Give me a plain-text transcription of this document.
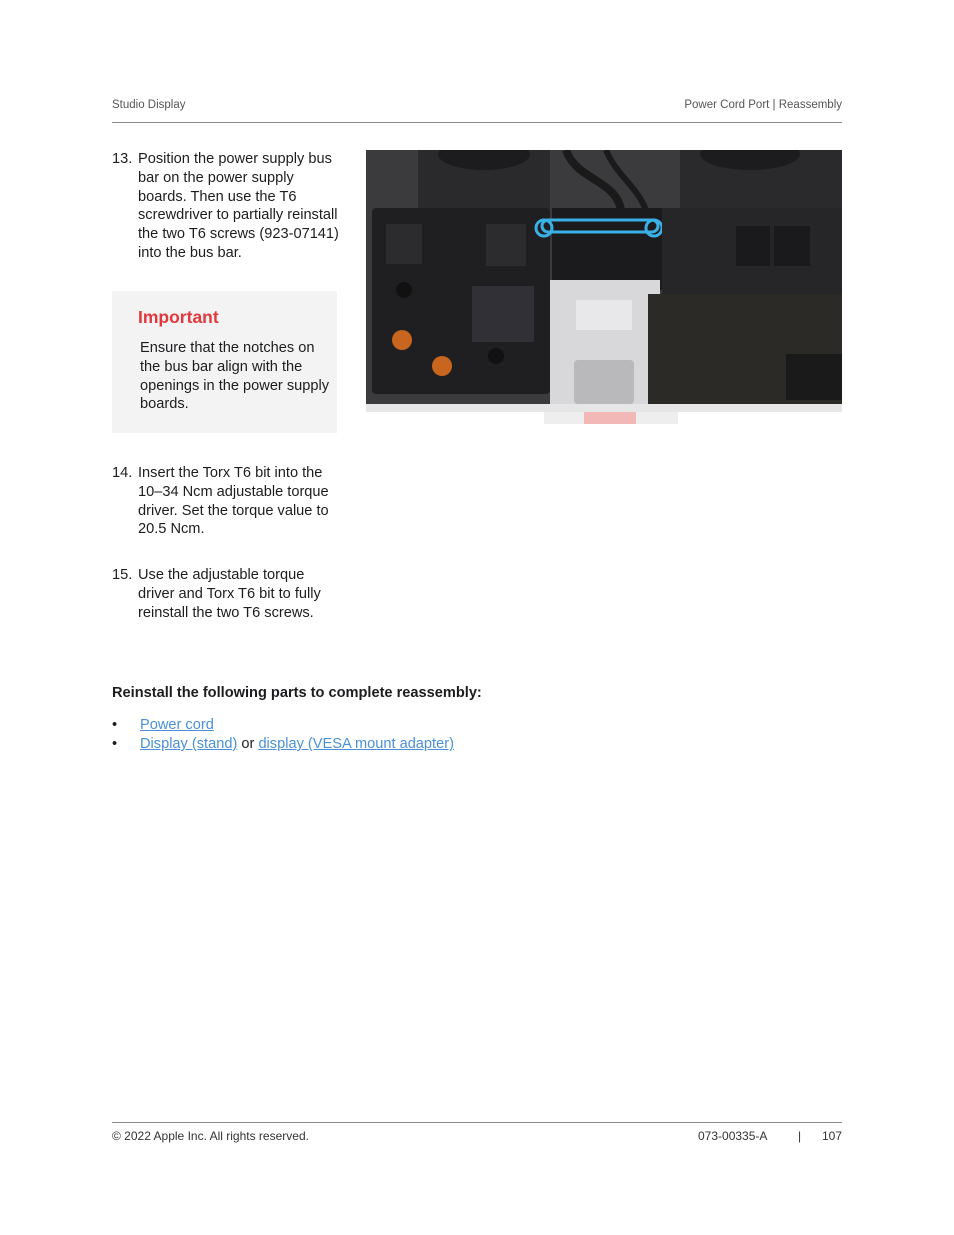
Studio Display	Power Cord Port | Reassembly
13. Position the power supply bus bar on the power supply boards. Then use the T6 screwdriver to partially reinstall the two T6 screws (923-07141) into the bus bar.
Important
Ensure that the notches on the bus bar align with the openings in the power supply boards.
14. Insert the Torx T6 bit into the 10–34 Ncm adjustable torque driver. Set the torque value to 20.5 Ncm.
15. Use the adjustable torque driver and Torx T6 bit to fully reinstall the two T6 screws.
Reinstall the following parts to complete reassembly:
• Power cord
• Display (stand) or display (VESA mount adapter)
© 2022 Apple Inc. All rights reserved.	073-00335-A	| 107
